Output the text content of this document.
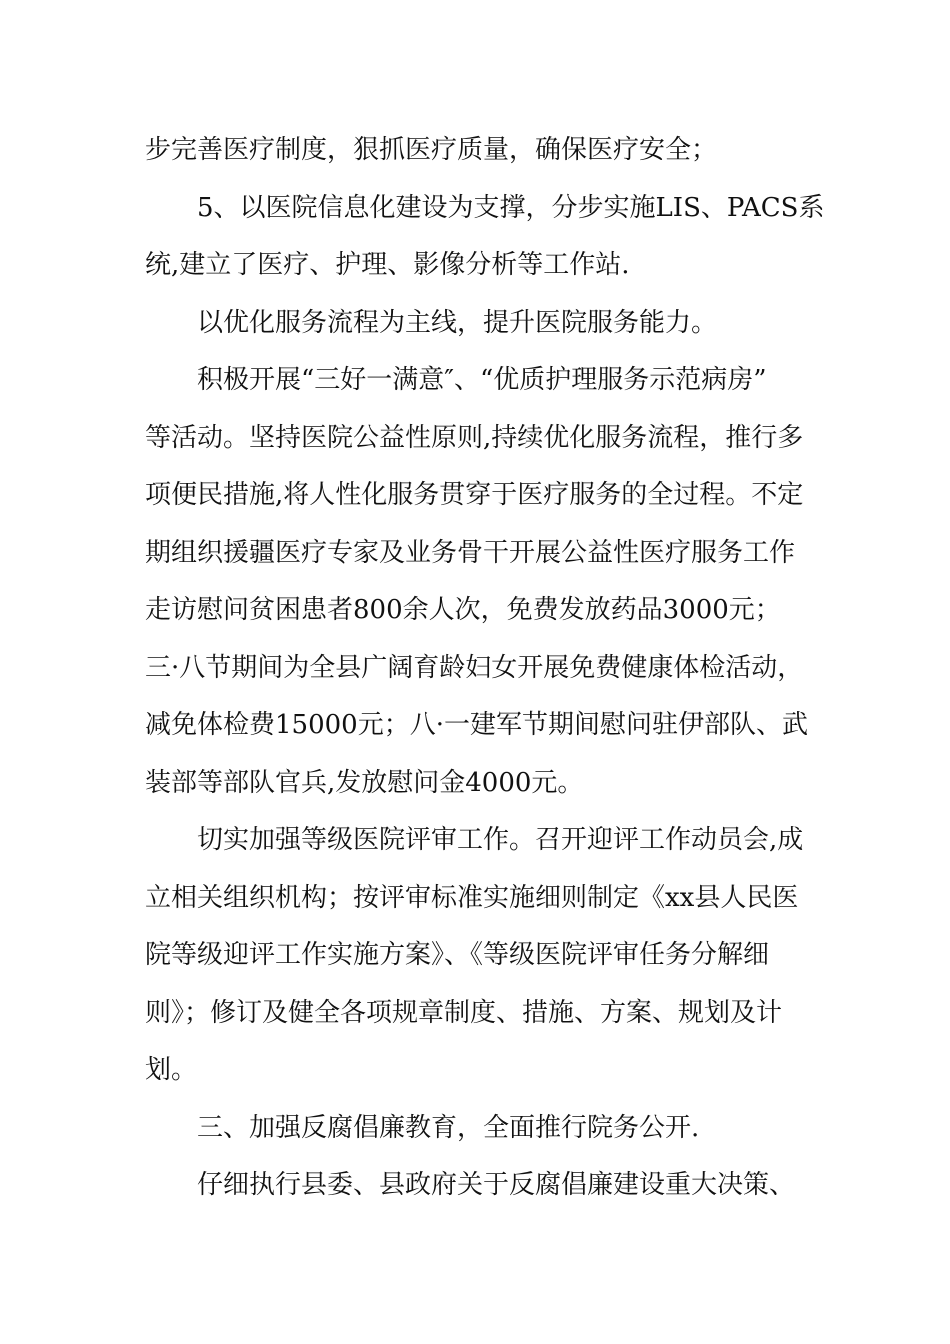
步完善医疗制度，狠抓医疗质量，确保医疗安全；
5、以医院信息化建设为支撑，分步实施LIS、PACS系
统,建立了医疗、护理、影像分析等工作站.
以优化服务流程为主线，提升医院服务能力。
积极开展“三好一满意″、“优质护理服务示范病房”
等活动。坚持医院公益性原则,持续优化服务流程，推行多
项便民措施,将人性化服务贯穿于医疗服务的全过程。不定
期组织援疆医疗专家及业务骨干开展公益性医疗服务工作
走访慰问贫困患者800余人次，免费发放药品3000元；
三·八节期间为全县广阔育龄妇女开展免费健康体检活动，
减免体检费15000元；八·一建军节期间慰问驻伊部队、武
装部等部队官兵,发放慰问金4000元。
切实加强等级医院评审工作。召开迎评工作动员会,成
立相关组织机构；按评审标准实施细则制定《xx县人民医
院等级迎评工作实施方案》、《等级医院评审任务分解细
则》；修订及健全各项规章制度、措施、方案、规划及计
划。
三、加强反腐倡廉教育，全面推行院务公开.
仔细执行县委、县政府关于反腐倡廉建设重大决策、
